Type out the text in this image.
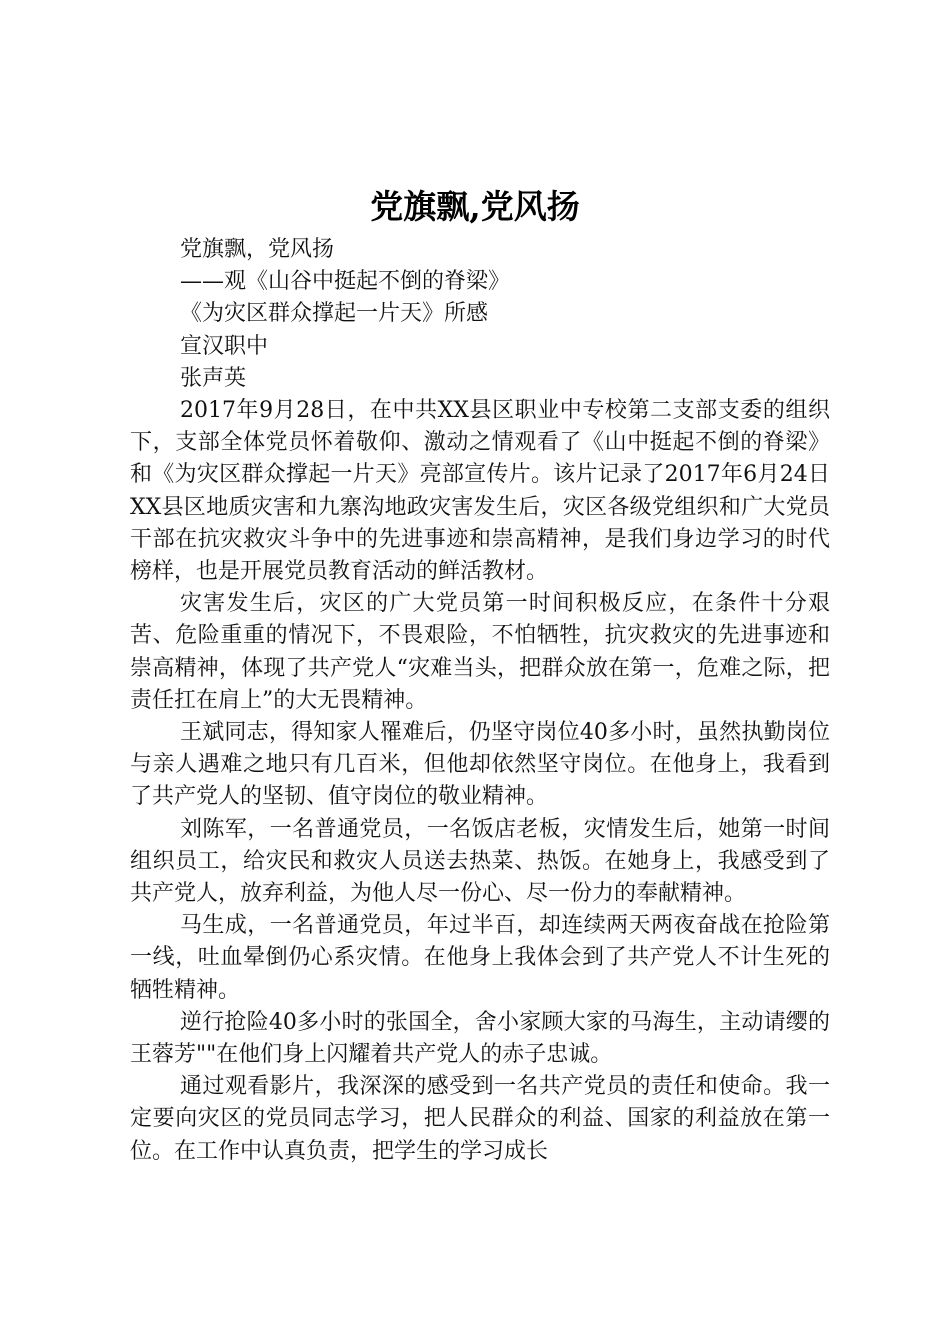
党旗飘,党风扬

党旗飘，党风扬

——观《山谷中挺起不倒的脊梁》

《为灾区群众撑起一片天》所感

宣汉职中

张声英

2017年9月28日，在中共XX县区职业中专校第二支部支委的组织下，支部全体党员怀着敬仰、激动之情观看了《山中挺起不倒的脊梁》和《为灾区群众撑起一片天》亮部宣传片。该片记录了2017年6月24日XX县区地质灾害和九寨沟地政灾害发生后，灾区各级党组织和广大党员干部在抗灾救灾斗争中的先进事迹和崇高精神，是我们身边学习的时代榜样，也是开展党员教育活动的鲜活教材。

灾害发生后，灾区的广大党员第一时间积极反应，在条件十分艰苦、危险重重的情况下，不畏艰险，不怕牺牲，抗灾救灾的先进事迹和崇高精神，体现了共产党人“灾难当头，把群众放在第一，危难之际，把责任扛在肩上”的大无畏精神。

王斌同志，得知家人罹难后，仍坚守岗位40多小时，虽然执勤岗位与亲人遇难之地只有几百米，但他却依然坚守岗位。在他身上，我看到了共产党人的坚韧、值守岗位的敬业精神。

刘陈军，一名普通党员，一名饭店老板，灾情发生后，她第一时间组织员工，给灾民和救灾人员送去热菜、热饭。在她身上，我感受到了共产党人，放弃利益，为他人尽一份心、尽一份力的奉献精神。

马生成，一名普通党员，年过半百，却连续两天两夜奋战在抢险第一线，吐血晕倒仍心系灾情。在他身上我体会到了共产党人不计生死的牺牲精神。

逆行抢险40多小时的张国全，舍小家顾大家的马海生，主动请缨的王蓉芳""在他们身上闪耀着共产党人的赤子忠诚。

通过观看影片，我深深的感受到一名共产党员的责任和使命。我一定要向灾区的党员同志学习，把人民群众的利益、国家的利益放在第一位。在工作中认真负责，把学生的学习成长
